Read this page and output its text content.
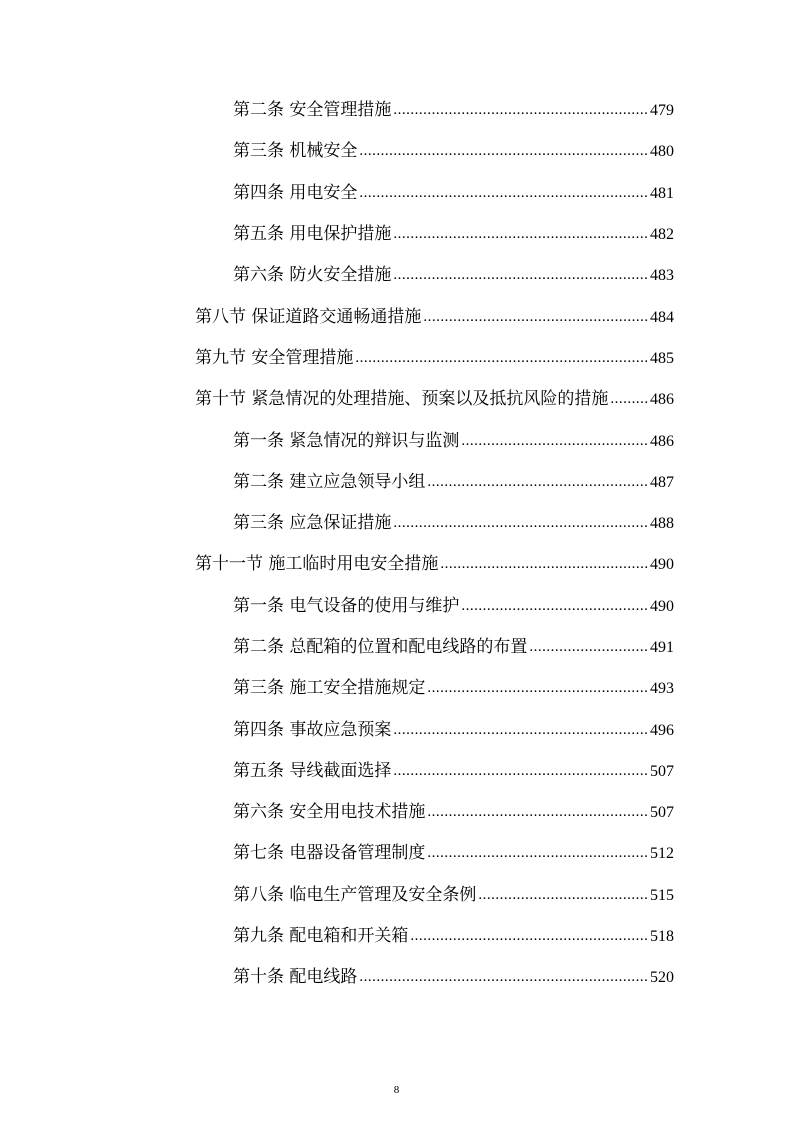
第二条 安全管理措施 .....	479
第三条 机械安全 .....	480
第四条 用电安全 .....	481
第五条 用电保护措施 .....	482
第六条 防火安全措施 .....	483
第八节 保证道路交通畅通措施 .....	484
第九节 安全管理措施 .....	485
第十节 紧急情况的处理措施、预案以及抵抗风险的措施 .....	486
第一条 紧急情况的辩识与监测 .....	486
第二条 建立应急领导小组 .....	487
第三条 应急保证措施 .....	488
第十一节 施工临时用电安全措施 .....	490
第一条 电气设备的使用与维护 .....	490
第二条 总配箱的位置和配电线路的布置 .....	491
第三条 施工安全措施规定 .....	493
第四条 事故应急预案 .....	496
第五条 导线截面选择 .....	507
第六条 安全用电技术措施 .....	507
第七条 电器设备管理制度 .....	512
第八条 临电生产管理及安全条例 .....	515
第九条 配电箱和开关箱 .....	518
第十条 配电线路 .....	520
8
